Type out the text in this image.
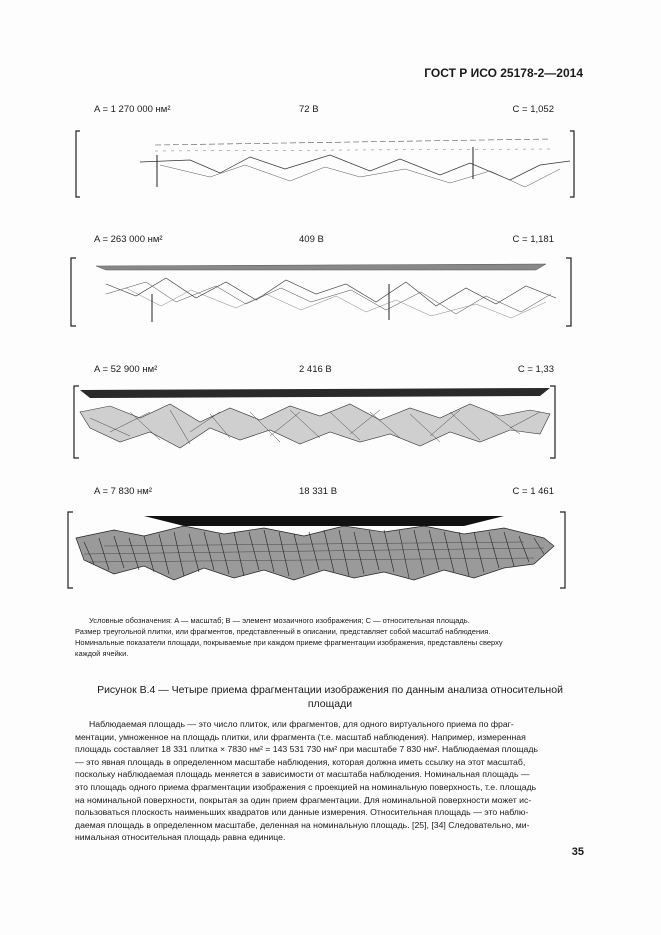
ГОСТ Р ИСО 25178-2—2014
A = 1 270 000 нм²	72 B	C = 1,052
A = 263 000 нм²	409 B	C = 1,181
A = 52 900 нм²	2 416 B	C = 1,33
A = 7 830 нм²	18 331 B	C = 1 461
Условные обозначения: A — масштаб; B — элемент мозаичного изображения; C — относительная площадь.
Размер треугольной плитки, или фрагментов, представленный в описании, представляет собой масштаб наблюдения.
Номинальные показатели площади, покрываемые при каждом приеме фрагментации изображения, представлены сверху
каждой ячейки.
Рисунок B.4 — Четыре приема фрагментации изображения по данным анализа относительной
площади
Наблюдаемая площадь — это число плиток, или фрагментов, для одного виртуального приема по фраг-
ментации, умноженное на площадь плитки, или фрагмента (т.е. масштаб наблюдения). Например, измеренная
площадь составляет 18 331 плитка × 7830 нм² = 143 531 730 нм² при масштабе 7 830 нм². Наблюдаемая площадь
— это явная площадь в определенном масштабе наблюдения, которая должна иметь ссылку на этот масштаб,
поскольку наблюдаемая площадь меняется в зависимости от масштаба наблюдения. Номинальная площадь —
это площадь одного приема фрагментации изображения с проекцией на номинальную поверхность, т.е. площадь
на номинальной поверхности, покрытая за один прием фрагментации. Для номинальной поверхности может ис-
пользоваться плоскость наименьших квадратов или данные измерения. Относительная площадь — это наблю-
даемая площадь в определенном масштабе, деленная на номинальную площадь. [25], [34] Следовательно, ми-
нимальная относительная площадь равна единице.
35
